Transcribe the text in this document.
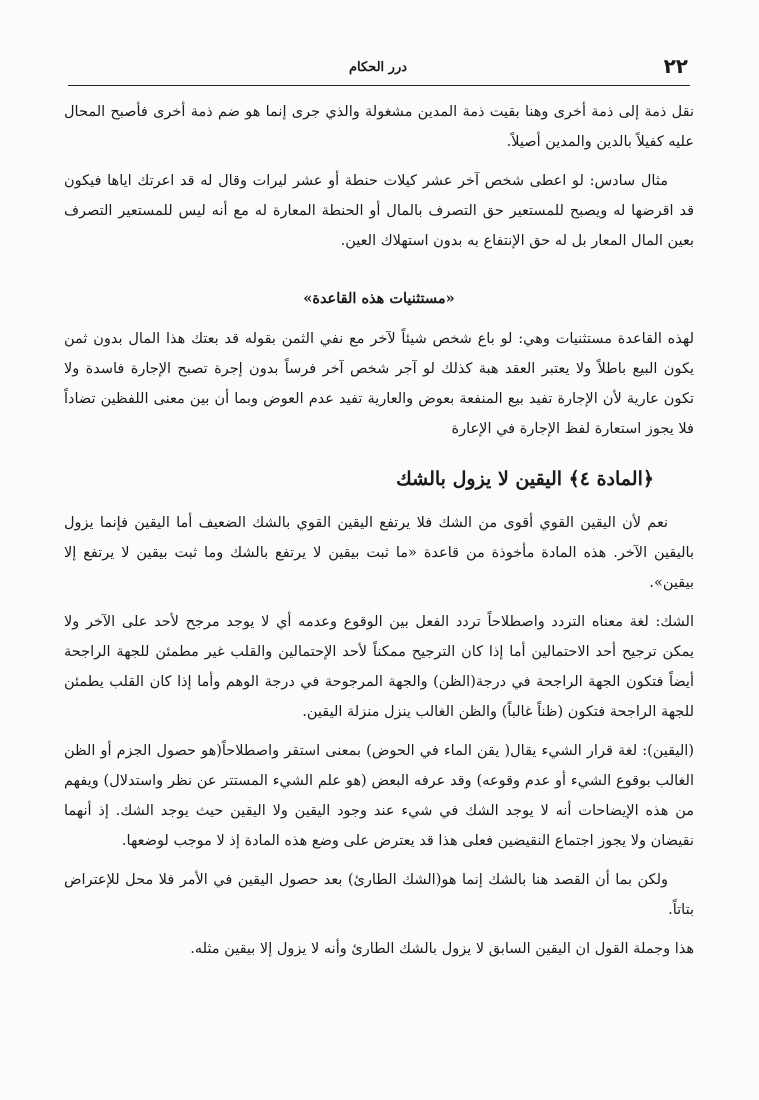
٢٢
درر الحكام

نقل ذمة إلى ذمة أخرى وهنا بقيت ذمة المدين مشغولة والذي جرى إنما هو ضم ذمة أخرى فأصبح المحال عليه كفيلاً بالدين والمدين أصيلاً.

مثال سادس: لو اعطى شخص آخر عشر كيلات حنطة أو عشر ليرات وقال له قد اعرتك اياها فيكون قد اقرضها له ويصبح للمستعير حق التصرف بالمال أو الحنطة المعارة له مع أنه ليس للمستعير التصرف بعين المال المعار بل له حق الإنتفاع به بدون استهلاك العين.

«مستثنيات هذه القاعدة»

لهذه القاعدة مستثنيات وهي: لو باع شخص شيئاً لآخر مع نفي الثمن بقوله قد بعتك هذا المال بدون ثمن يكون البيع باطلاً ولا يعتبر العقد هبة كذلك لو آجر شخص آخر فرساً بدون إجرة تصبح الإجارة فاسدة ولا تكون عارية لأن الإجارة تفيد بيع المنفعة بعوض والعارية تفيد عدم العوض وبما أن بين معنى اللفظين تضاداً فلا يجوز استعارة لفظ الإجارة في الإعارة

﴿المادة ٤﴾ اليقين لا يزول بالشك

نعم لأن اليقين القوي أقوى من الشك فلا يرتفع اليقين القوي بالشك الضعيف أما اليقين فإنما يزول باليقين الآخر. هذه المادة مأخوذة من قاعدة «ما ثبت بيقين لا يرتفع بالشك وما ثبت بيقين لا يرتفع إلا بيقين».

الشك: لغة معناه التردد واصطلاحاً تردد الفعل بين الوقوع وعدمه أي لا يوجد مرجح لأحد على الآخر ولا يمكن ترجيح أحد الاحتمالين أما إذا كان الترجيح ممكناً لأحد الإحتمالين والقلب غير مطمئن للجهة الراجحة أيضاً فتكون الجهة الراجحة في درجة(الظن) والجهة المرجوحة في درجة الوهم وأما إذا كان القلب يطمئن للجهة الراجحة فتكون (ظناً غالباً) والظن الغالب ينزل منزلة اليقين.

(اليقين): لغة قرار الشيء يقال( يقن الماء في الحوض) بمعنى استقر واصطلاحاً(هو حصول الجزم أو الظن الغالب بوقوع الشيء أو عدم وقوعه) وقد عرفه البعض (هو علم الشيء المستتر عن نظر واستدلال) ويفهم من هذه الإيضاحات أنه لا يوجد الشك في شيء عند وجود اليقين ولا اليقين حيث يوجد الشك. إذ أنهما نقيضان ولا يجوز اجتماع النقيضين فعلى هذا قد يعترض على وضع هذه المادة إذ لا موجب لوضعها.

ولكن بما أن القصد هنا بالشك إنما هو(الشك الطارئ) بعد حصول اليقين في الأمر فلا محل للإعتراض بتاتاً.

هذا وجملة القول ان اليقين السابق لا يزول بالشك الطارئ وأنه لا يزول إلا بيقين مثله.
